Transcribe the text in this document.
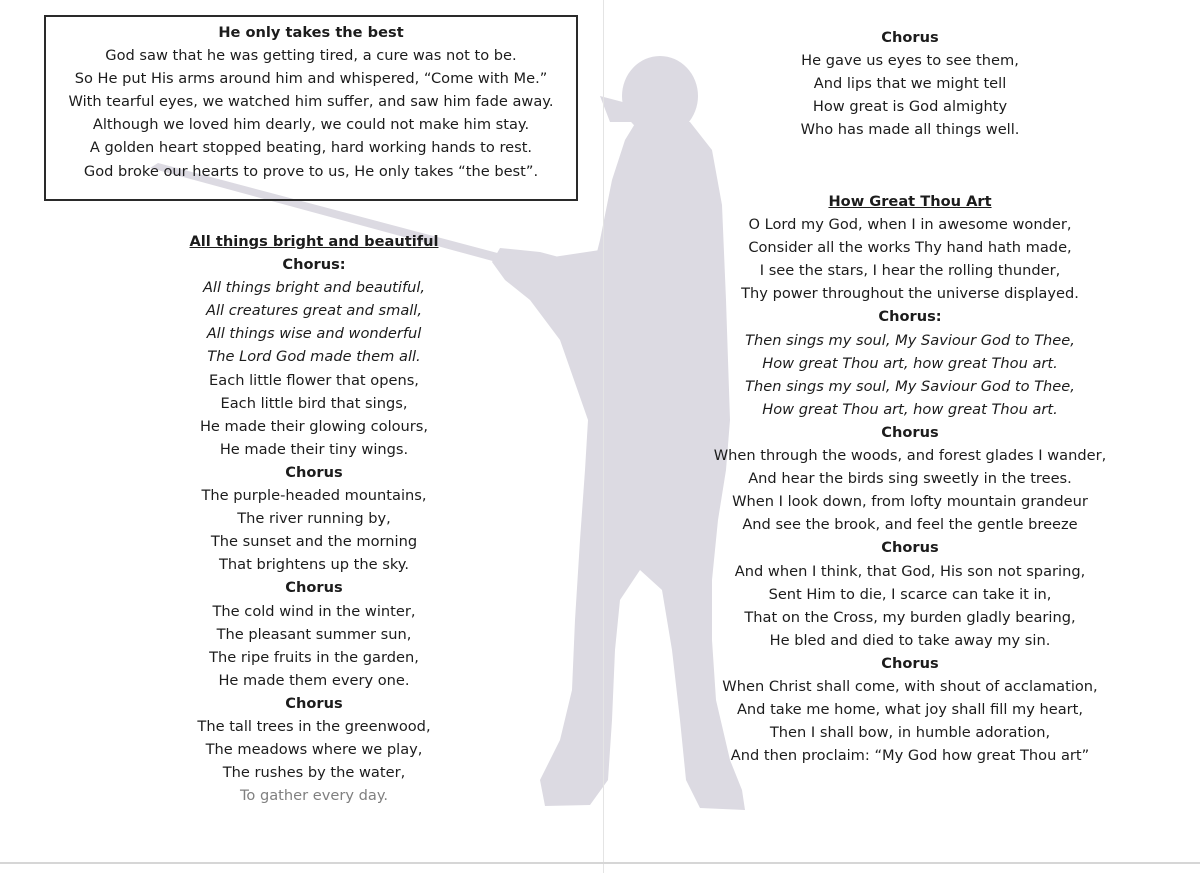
He only takes the best
God saw that he was getting tired, a cure was not to be.
So He put His arms around him and whispered, “Come with Me.”
With tearful eyes, we watched him suffer, and saw him fade away.
Although we loved him dearly, we could not make him stay.
A golden heart stopped beating, hard working hands to rest.
God broke our hearts to prove to us, He only takes “the best”.
All things bright and beautiful
Chorus:
All things bright and beautiful,
All creatures great and small,
All things wise and wonderful
The Lord God made them all.
Each little flower that opens,
Each little bird that sings,
He made their glowing colours,
He made their tiny wings.
Chorus
The purple-headed mountains,
The river running by,
The sunset and the morning
That brightens up the sky.
Chorus
The cold wind in the winter,
The pleasant summer sun,
The ripe fruits in the garden,
He made them every one.
Chorus
The tall trees in the greenwood,
The meadows where we play,
The rushes by the water,
To gather every day.
Chorus
He gave us eyes to see them,
And lips that we might tell
How great is God almighty
Who has made all things well.
How Great Thou Art
O Lord my God, when I in awesome wonder,
Consider all the works Thy hand hath made,
I see the stars, I hear the rolling thunder,
Thy power throughout the universe displayed.
Chorus:
Then sings my soul, My Saviour God to Thee,
How great Thou art, how great Thou art.
Then sings my soul, My Saviour God to Thee,
How great Thou art, how great Thou art.
Chorus
When through the woods, and forest glades I wander,
And hear the birds sing sweetly in the trees.
When I look down, from lofty mountain grandeur
And see the brook, and feel the gentle breeze
Chorus
And when I think, that God, His son not sparing,
Sent Him to die, I scarce can take it in,
That on the Cross, my burden gladly bearing,
He bled and died to take away my sin.
Chorus
When Christ shall come, with shout of acclamation,
And take me home, what joy shall fill my heart,
Then I shall bow, in humble adoration,
And then proclaim: “My God how great Thou art”
